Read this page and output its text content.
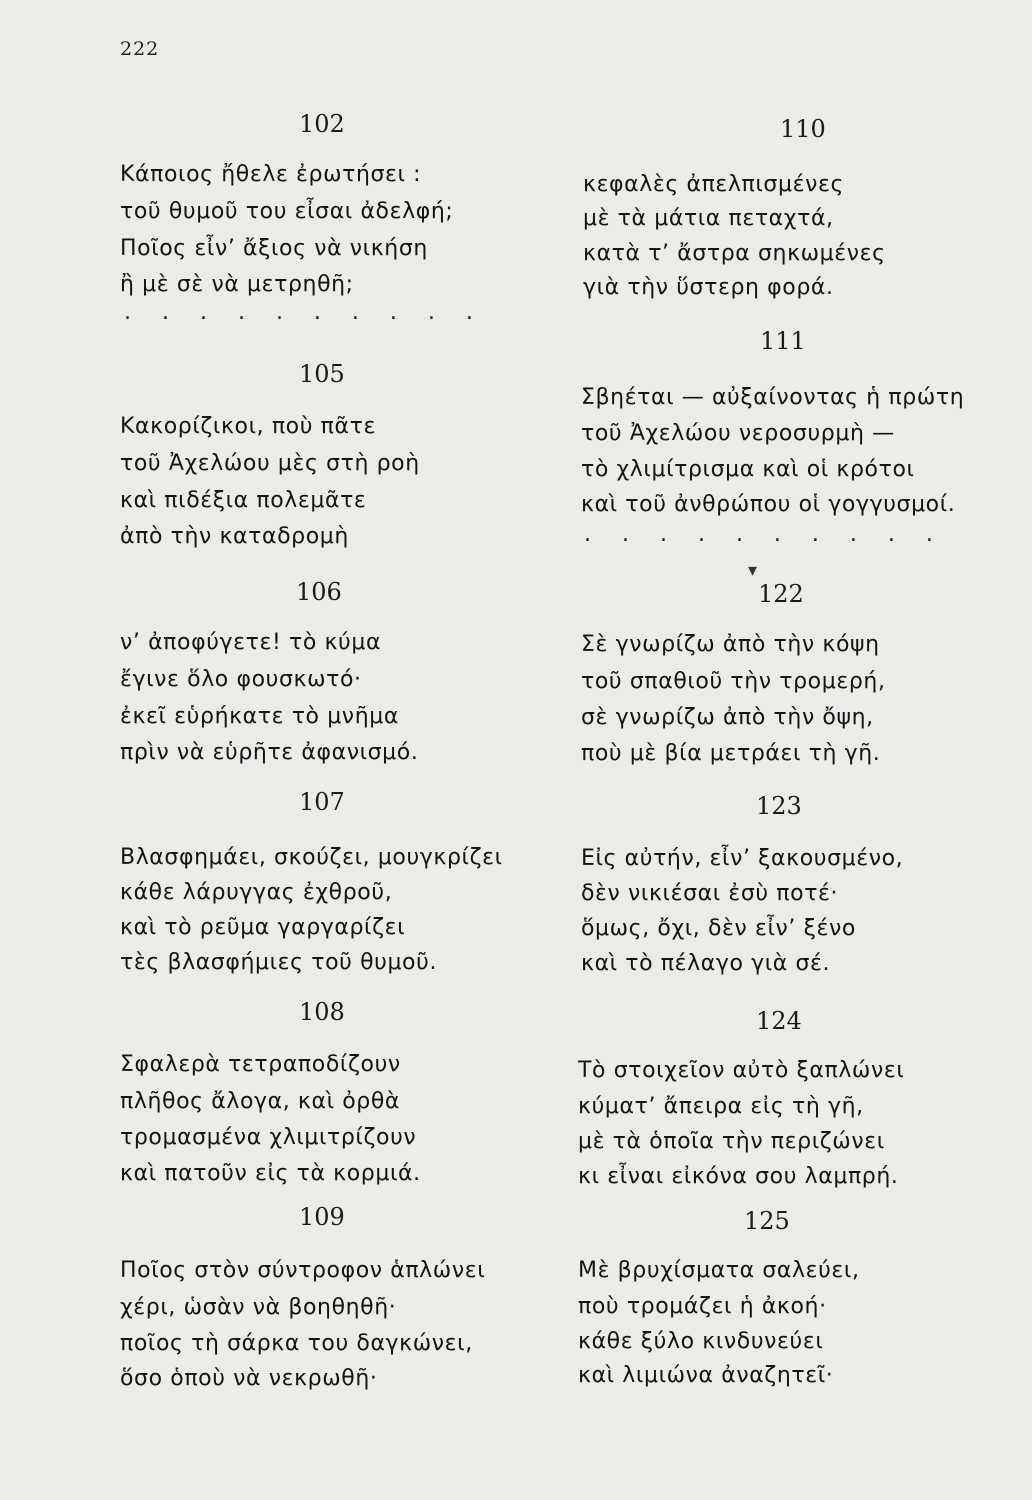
222
102
Κάποιος ἤθελε ἐρωτήσει :
τοῦ θυμοῦ του εἶσαι ἀδελφή;
Ποῖος εἶν’ ἄξιος νὰ νικήση
ἢ μὲ σὲ νὰ μετρηθῆ;
. . . . . . . . . .
105
Κακορίζικοι, ποὺ πᾶτε
τοῦ Ἀχελώου μὲς στὴ ροὴ
καὶ πιδέξια πολεμᾶτε
ἀπὸ τὴν καταδρομὴ
106
ν’ ἀποφύγετε! τὸ κύμα
ἔγινε ὅλο φουσκωτό·
ἐκεῖ εὑρήκατε τὸ μνῆμα
πρὶν νὰ εὑρῆτε ἀφανισμό.
107
Βλασφημάει, σκούζει, μουγκρίζει
κάθε λάρυγγας ἐχθροῦ,
καὶ τὸ ρεῦμα γαργαρίζει
τὲς βλασφήμιες τοῦ θυμοῦ.
108
Σφαλερὰ τετραποδίζουν
πλῆθος ἄλογα, καὶ ὀρθὰ
τρομασμένα χλιμιτρίζουν
καὶ πατοῦν εἰς τὰ κορμιά.
109
Ποῖος στὸν σύντροφον ἁπλώνει
χέρι, ὡσὰν νὰ βοηθηθῆ·
ποῖος τὴ σάρκα του δαγκώνει,
ὅσο ὁποὺ νὰ νεκρωθῆ·
110
κεφαλὲς ἀπελπισμένες
μὲ τὰ μάτια πεταχτά,
κατὰ τ’ ἄστρα σηκωμένες
γιὰ τὴν ὕστερη φορά.
111
Σβηέται — αὐξαίνοντας ἡ πρώτη
τοῦ Ἀχελώου νεροσυρμὴ —
τὸ χλιμίτρισμα καὶ οἱ κρότοι
καὶ τοῦ ἀνθρώπου οἱ γογγυσμοί.
. . . . . . . . . .
▾
122
Σὲ γνωρίζω ἀπὸ τὴν κόψη
τοῦ σπαθιοῦ τὴν τρομερή,
σὲ γνωρίζω ἀπὸ τὴν ὄψη,
ποὺ μὲ βία μετράει τὴ γῆ.
123
Εἰς αὐτήν, εἶν’ ξακουσμένο,
δὲν νικιέσαι ἐσὺ ποτέ·
ὅμως, ὄχι, δὲν εἶν’ ξένο
καὶ τὸ πέλαγο γιὰ σέ.
124
Τὸ στοιχεῖον αὐτὸ ξαπλώνει
κύματ’ ἄπειρα εἰς τὴ γῆ,
μὲ τὰ ὁποῖα τὴν περιζώνει
κι εἶναι εἰκόνα σου λαμπρή.
125
Μὲ βρυχίσματα σαλεύει,
ποὺ τρομάζει ἡ ἀκοή·
κάθε ξύλο κινδυνεύει
καὶ λιμιώνα ἀναζητεῖ·
